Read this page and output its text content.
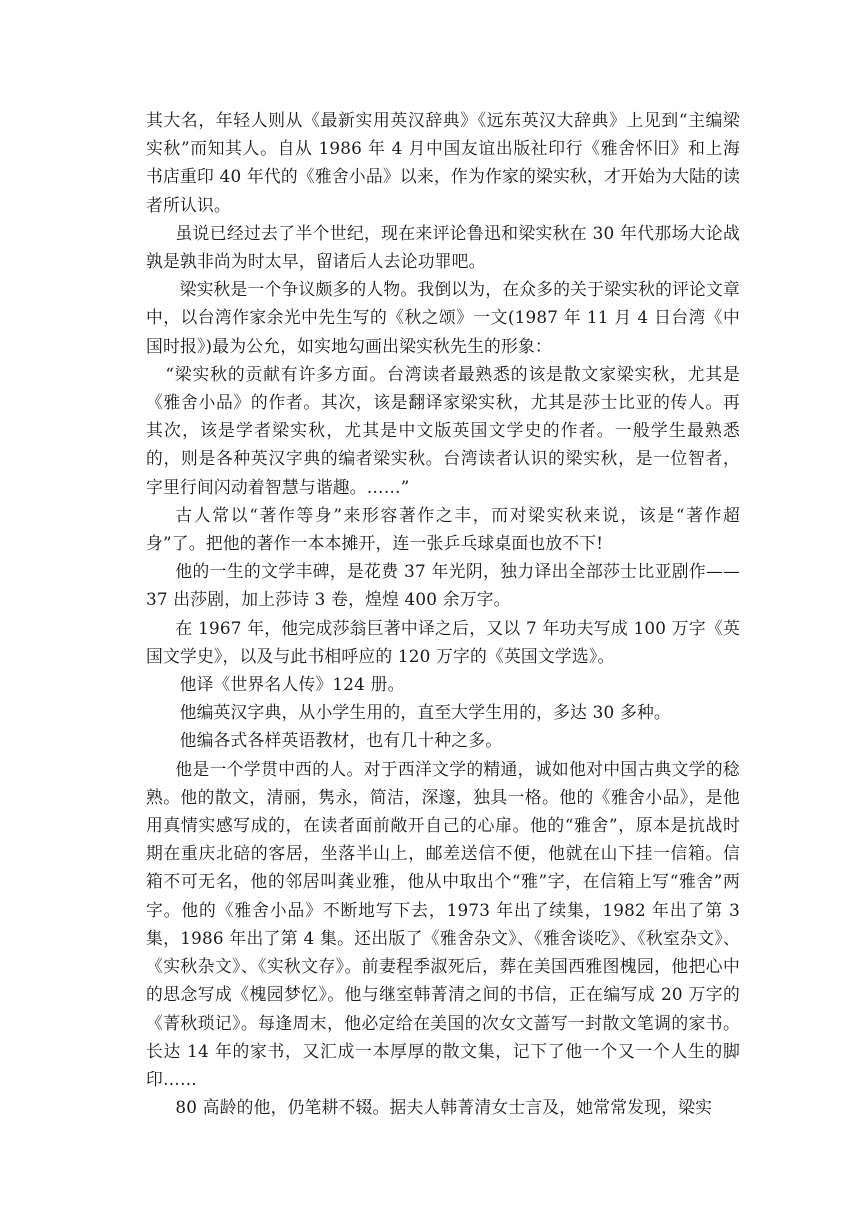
其大名，年轻人则从《最新实用英汉辞典》《远东英汉大辞典》上见到“主编梁实秋”而知其人。自从 1986 年 4 月中国友谊出版社印行《雅舍怀旧》和上海书店重印 40 年代的《雅舍小品》以来，作为作家的梁实秋，才开始为大陆的读者所认识。

虽说已经过去了半个世纪，现在来评论鲁迅和梁实秋在 30 年代那场大论战孰是孰非尚为时太早，留诸后人去论功罪吧。

梁实秋是一个争议颇多的人物。我倒以为，在众多的关于梁实秋的评论文章中，以台湾作家余光中先生写的《秋之颂》一文(1987 年 11 月 4 日台湾《中国时报》)最为公允，如实地勾画出梁实秋先生的形象：

“梁实秋的贡献有许多方面。台湾读者最熟悉的该是散文家梁实秋，尤其是《雅舍小品》的作者。其次，该是翻译家梁实秋，尤其是莎士比亚的传人。再其次，该是学者梁实秋，尤其是中文版英国文学史的作者。一般学生最熟悉的，则是各种英汉字典的编者梁实秋。台湾读者认识的梁实秋，是一位智者，字里行间闪动着智慧与谐趣。……”

古人常以“著作等身”来形容著作之丰，而对梁实秋来说，该是“著作超身”了。把他的著作一本本摊开，连一张乒乓球桌面也放不下!

他的一生的文学丰碑，是花费 37 年光阴，独力译出全部莎士比亚剧作——37 出莎剧，加上莎诗 3 卷，煌煌 400 余万字。

在 1967 年，他完成莎翁巨著中译之后，又以 7 年功夫写成 100 万字《英国文学史》，以及与此书相呼应的 120 万字的《英国文学选》。

他译《世界名人传》124 册。

他编英汉字典，从小学生用的，直至大学生用的，多达 30 多种。

他编各式各样英语教材，也有几十种之多。

他是一个学贯中西的人。对于西洋文学的精通，诚如他对中国古典文学的稔熟。他的散文，清丽，隽永，简洁，深邃，独具一格。他的《雅舍小品》，是他用真情实感写成的，在读者面前敞开自己的心扉。他的“雅舍”，原本是抗战时期在重庆北碚的客居，坐落半山上，邮差送信不便，他就在山下挂一信箱。信箱不可无名，他的邻居叫龚业雅，他从中取出个“雅”字，在信箱上写“雅舍”两字。他的《雅舍小品》不断地写下去，1973 年出了续集，1982 年出了第 3 集，1986 年出了第 4 集。还出版了《雅舍杂文》、《雅舍谈吃》、《秋室杂文》、《实秋杂文》、《实秋文存》。前妻程季淑死后，葬在美国西雅图槐园，他把心中的思念写成《槐园梦忆》。他与继室韩菁清之间的书信，正在编写成 20 万字的《菁秋琐记》。每逢周末，他必定给在美国的次女文蔷写一封散文笔调的家书。长达 14 年的家书，又汇成一本厚厚的散文集，记下了他一个又一个人生的脚印……

80 高龄的他，仍笔耕不辍。据夫人韩菁清女士言及，她常常发现，梁实
